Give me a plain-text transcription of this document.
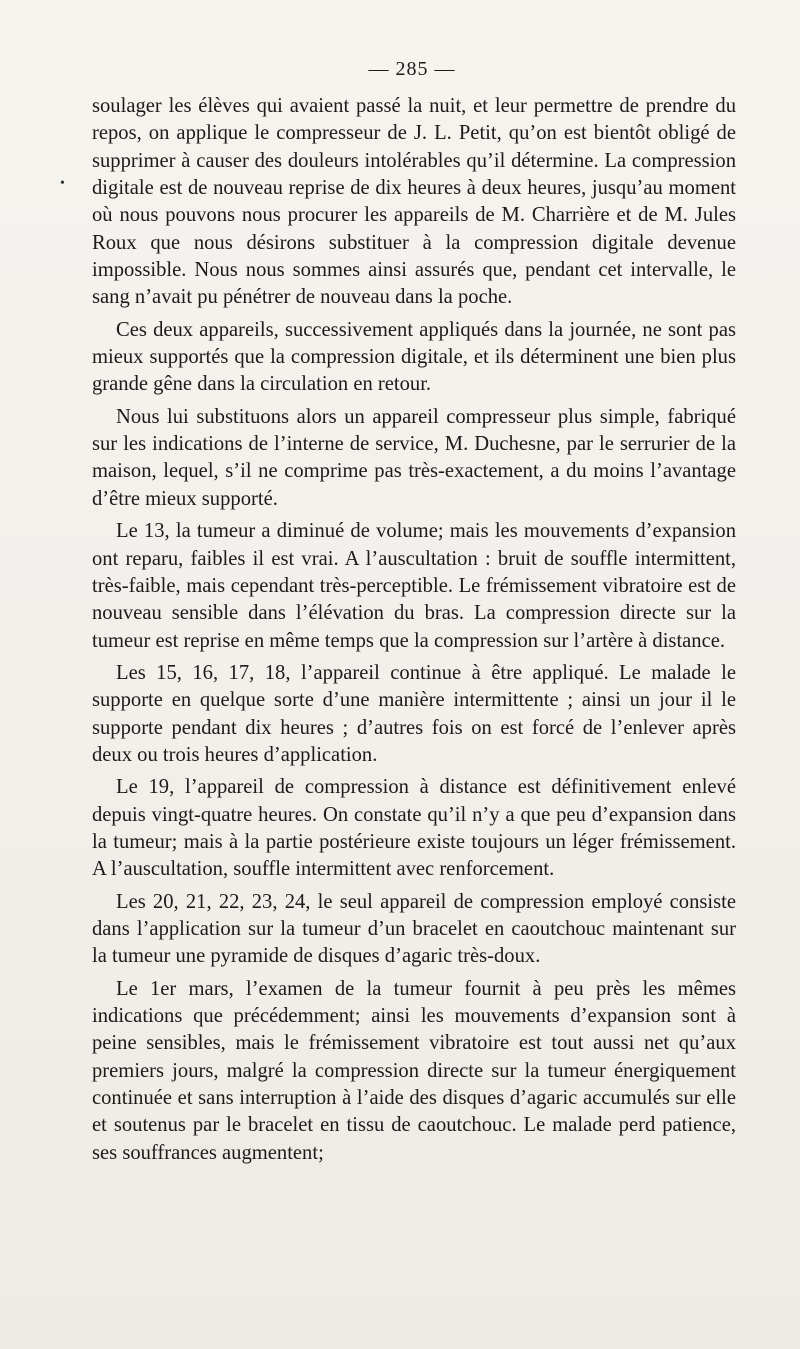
•
— 285 —

soulager les élèves qui avaient passé la nuit, et leur permettre de prendre du repos, on applique le compresseur de J. L. Petit, qu’on est bientôt obligé de supprimer à causer des douleurs intolérables qu’il détermine. La compression digitale est de nouveau reprise de dix heures à deux heures, jusqu’au moment où nous pouvons nous procurer les appareils de M. Charrière et de M. Jules Roux que nous désirons substituer à la compression digitale devenue impossible. Nous nous sommes ainsi assurés que, pendant cet intervalle, le sang n’avait pu pénétrer de nouveau dans la poche.

Ces deux appareils, successivement appliqués dans la journée, ne sont pas mieux supportés que la compression digitale, et ils déterminent une bien plus grande gêne dans la circulation en retour.

Nous lui substituons alors un appareil compresseur plus simple, fabriqué sur les indications de l’interne de service, M. Duchesne, par le serrurier de la maison, lequel, s’il ne comprime pas très-exactement, a du moins l’avantage d’être mieux supporté.

Le 13, la tumeur a diminué de volume; mais les mouvements d’expansion ont reparu, faibles il est vrai. A l’auscultation : bruit de souffle intermittent, très-faible, mais cependant très-perceptible. Le frémissement vibratoire est de nouveau sensible dans l’élévation du bras. La compression directe sur la tumeur est reprise en même temps que la compression sur l’artère à distance.

Les 15, 16, 17, 18, l’appareil continue à être appliqué. Le malade le supporte en quelque sorte d’une manière intermittente ; ainsi un jour il le supporte pendant dix heures ; d’autres fois on est forcé de l’enlever après deux ou trois heures d’application.

Le 19, l’appareil de compression à distance est définitivement enlevé depuis vingt-quatre heures. On constate qu’il n’y a que peu d’expansion dans la tumeur; mais à la partie postérieure existe toujours un léger frémissement. A l’auscultation, souffle intermittent avec renforcement.

Les 20, 21, 22, 23, 24, le seul appareil de compression employé consiste dans l’application sur la tumeur d’un bracelet en caoutchouc maintenant sur la tumeur une pyramide de disques d’agaric très-doux.

Le 1er mars, l’examen de la tumeur fournit à peu près les mêmes indications que précédemment; ainsi les mouvements d’expansion sont à peine sensibles, mais le frémissement vibratoire est tout aussi net qu’aux premiers jours, malgré la compression directe sur la tumeur énergiquement continuée et sans interruption à l’aide des disques d’agaric accumulés sur elle et soutenus par le bracelet en tissu de caoutchouc. Le malade perd patience, ses souffrances augmentent;
